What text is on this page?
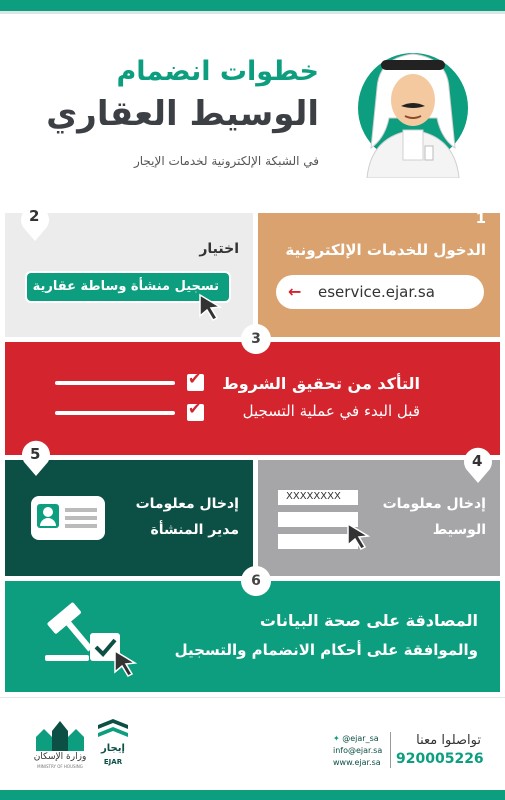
خطوات انضمام
الوسيط العقاري
في الشبكة الإلكترونية لخدمات الإيجار
1
الدخول للخدمات الإلكترونية
← eservice.ejar.sa
2
اختيار
تسجيل منشأة وساطة عقارية
التأكد من تحقيق الشروط
قبل البدء في عملية التسجيل
✔
✔
3
إدخال معلومات
الوسيط
XXXXXXXX
4
إدخال معلومات
مدير المنشأة
5
المصادقة على صحة البيانات
والموافقة على أحكام الانضمام والتسجيل
6
وزارة الإسكان
MINISTRY OF HOUSING
إيجار
EJAR
✦ @ejar_sa
info@ejar.sa
www.ejar.sa
تواصلوا معنا
920005226
